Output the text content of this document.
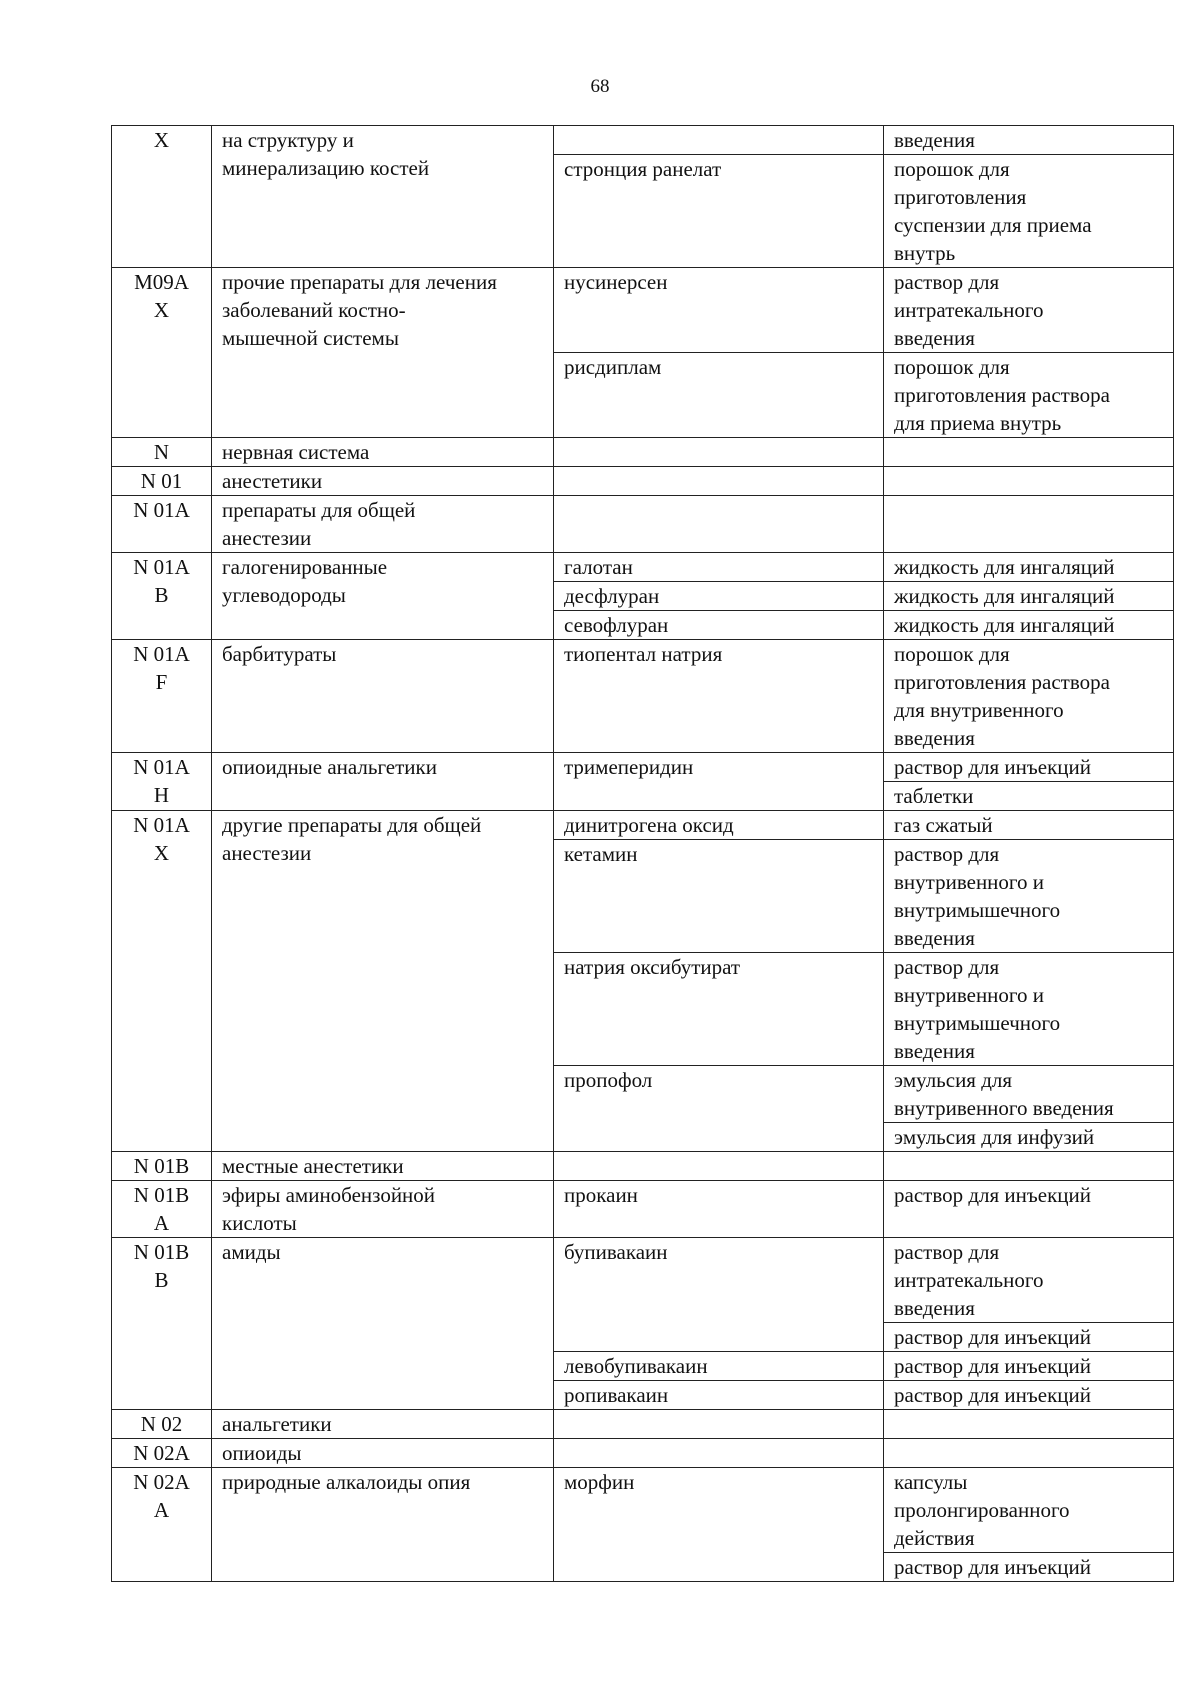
68
X	на структуру и
минерализацию костей		введения

		стронция ранелат	порошок для
приготовления
суспензии для приема
внутрь

M09A
X	прочие препараты для лечения
заболеваний костно-
мышечной системы	нусинерсен	раствор для
интратекального
введения

		рисдиплам	порошок для
приготовления раствора
для приема внутрь

N	нервная система		

N 01	анестетики		

N 01A	препараты для общей
анестезии		

N 01A
B	галогенированные
углеводороды	галотан	жидкость для ингаляций

		десфлуран	жидкость для ингаляций

		севофлуран	жидкость для ингаляций

N 01A
F	барбитураты	тиопентал натрия	порошок для
приготовления раствора
для внутривенного
введения

N 01A
H	опиоидные анальгетики	тримеперидин	раствор для инъекций

			таблетки

N 01A
X	другие препараты для общей
анестезии	динитрогена оксид	газ сжатый

		кетамин	раствор для
внутривенного и
внутримышечного
введения

		натрия оксибутират	раствор для
внутривенного и
внутримышечного
введения

		пропофол	эмульсия для
внутривенного введения

			эмульсия для инфузий

N 01B	местные анестетики		

N 01B
A	эфиры аминобензойной
кислоты	прокаин	раствор для инъекций

N 01B
B	амиды	бупивакаин	раствор для
интратекального
введения

			раствор для инъекций

		левобупивакаин	раствор для инъекций

		ропивакаин	раствор для инъекций

N 02	анальгетики		

N 02A	опиоиды		

N 02A
A	природные алкалоиды опия	морфин	капсулы
пролонгированного
действия

			раствор для инъекций
